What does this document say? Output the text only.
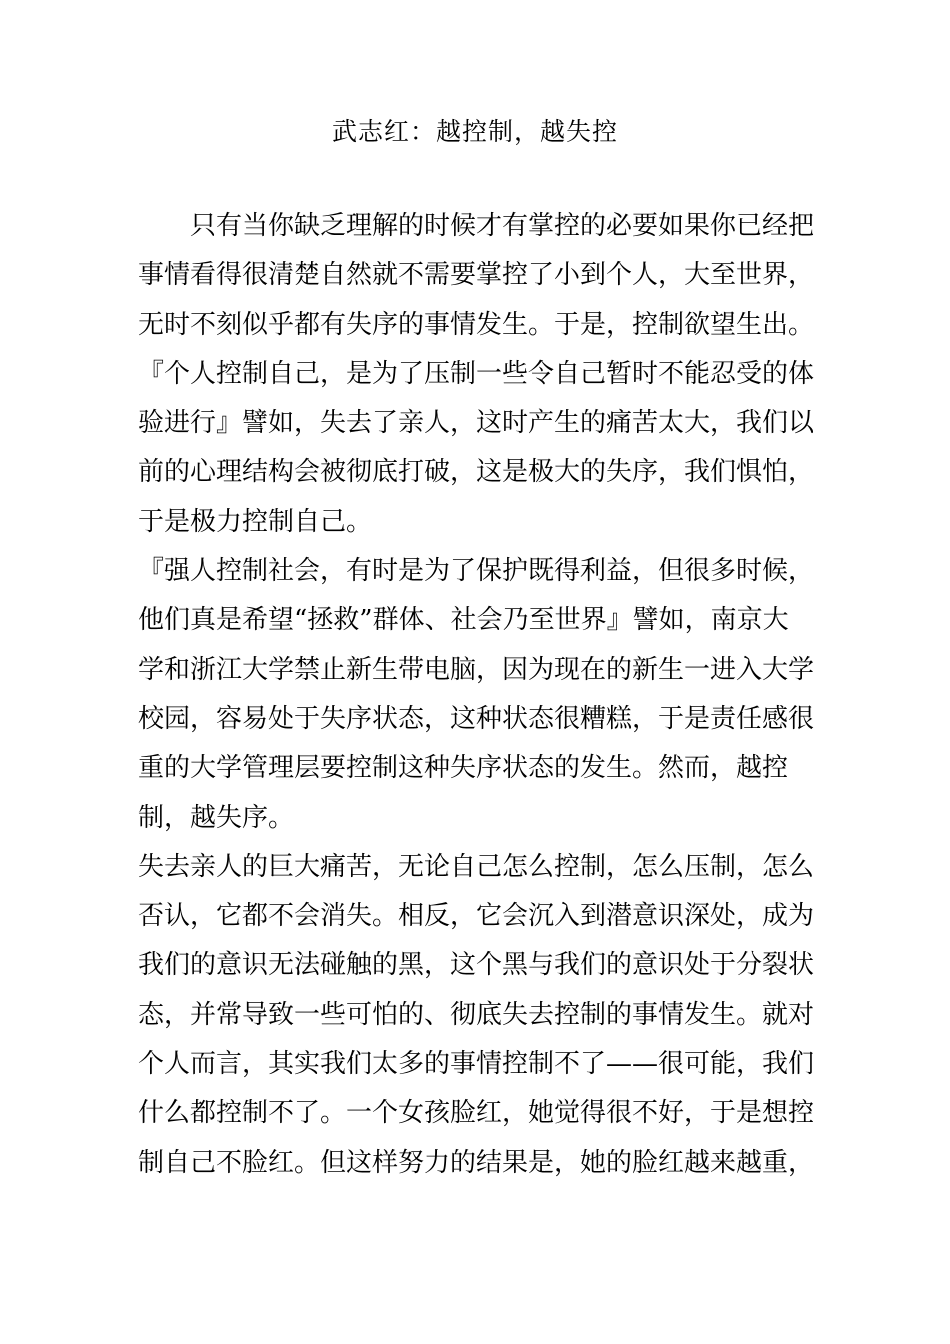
武志红：越控制，越失控

只有当你缺乏理解的时候才有掌控的必要如果你已经把事情看得很清楚自然就不需要掌控了小到个人，大至世界，无时不刻似乎都有失序的事情发生。于是，控制欲望生出。

『个人控制自己，是为了压制一些令自己暂时不能忍受的体验进行』譬如，失去了亲人，这时产生的痛苦太大，我们以前的心理结构会被彻底打破，这是极大的失序，我们惧怕，于是极力控制自己。

『强人控制社会，有时是为了保护既得利益，但很多时候，他们真是希望“拯救”群体、社会乃至世界』譬如，南京大学和浙江大学禁止新生带电脑，因为现在的新生一进入大学校园，容易处于失序状态，这种状态很糟糕，于是责任感很重的大学管理层要控制这种失序状态的发生。然而，越控制，越失序。

失去亲人的巨大痛苦，无论自己怎么控制，怎么压制，怎么否认，它都不会消失。相反，它会沉入到潜意识深处，成为我们的意识无法碰触的黑，这个黑与我们的意识处于分裂状态，并常导致一些可怕的、彻底失去控制的事情发生。就对个人而言，其实我们太多的事情控制不了——很可能，我们什么都控制不了。一个女孩脸红，她觉得很不好，于是想控制自己不脸红。但这样努力的结果是，她的脸红越来越重，
